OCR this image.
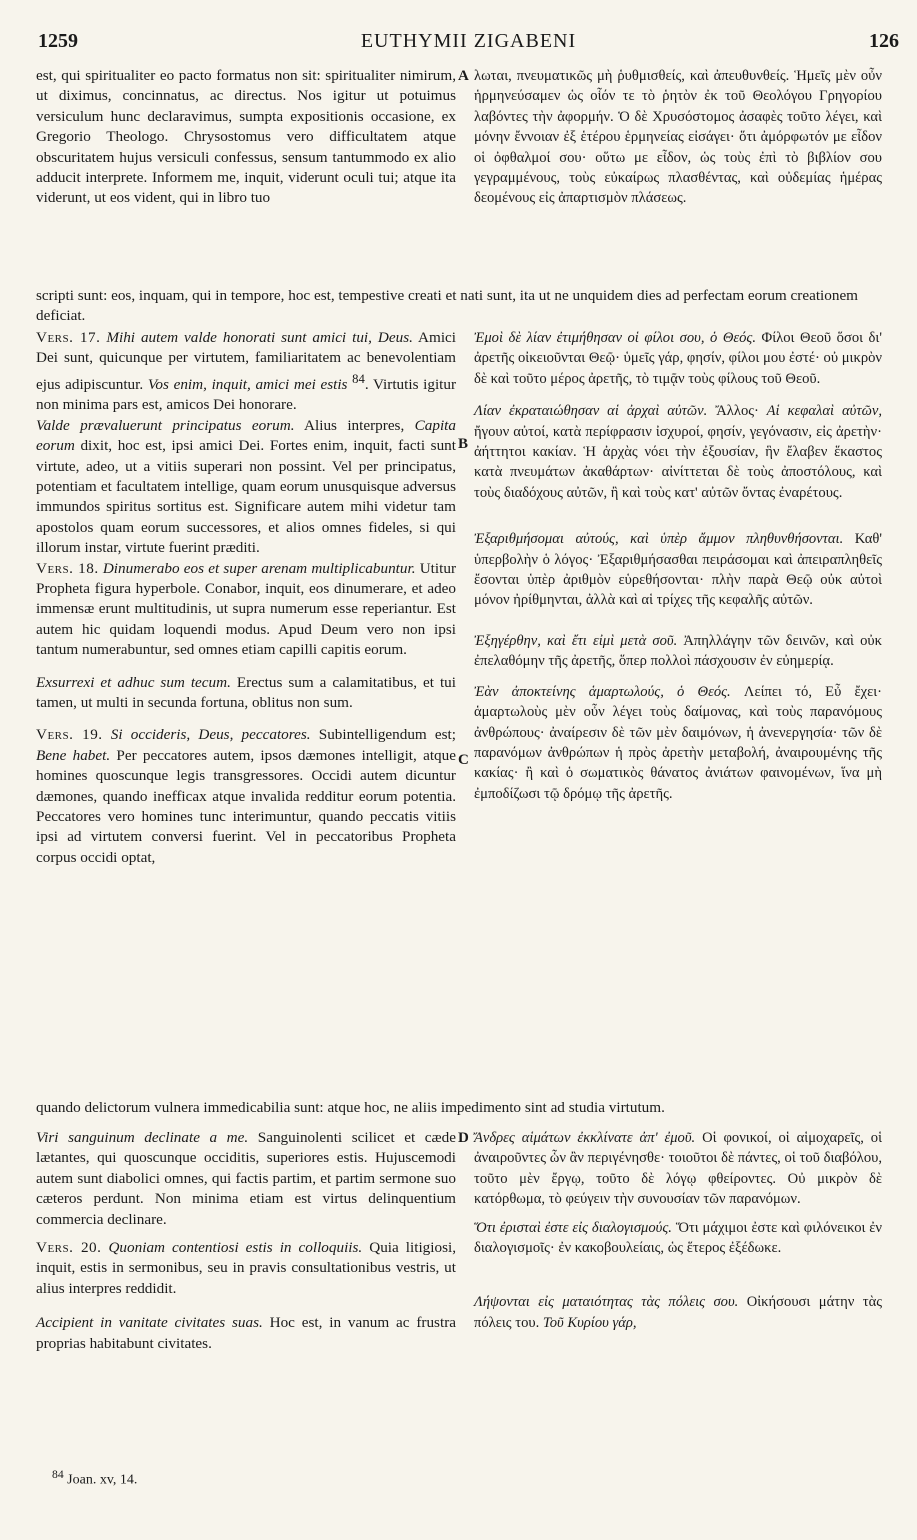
1259	EUTHYMII ZIGABENI	126

est, qui spiritualiter eo pacto formatus non sit: spiritualiter nimirum, ut diximus, concinnatus, ac directus. Nos igitur ut potuimus versiculum hunc declaravimus, sumpta expositionis occasione, ex Gregorio Theologo. Chrysostomus vero difficultatem atque obscuritatem hujus versiculi confessus, sensum tantummodo ex alio adducit interprete. Informem me, inquit, viderunt oculi tui; atque ita viderunt, ut eos vident, qui in libro tuo

λωται, πνευματικῶς μὴ ῥυθμισθείς, καὶ ἀπευθυνθείς. Ἡμεῖς μὲν οὖν ἡρμηνεύσαμεν ὡς οἷόν τε τὸ ῥητὸν ἐκ τοῦ Θεολόγου Γρηγορίου λαβόντες τὴν ἀφορμήν. Ὁ δὲ Χρυσόστομος ἀσαφὲς τοῦτο λέγει, καὶ μόνην ἔννοιαν ἐξ ἑτέρου ἑρμηνείας εἰσάγει· ὅτι ἀμόρφωτόν με εἶδον οἱ ὀφθαλμοί σου· οὕτω με εἶδον, ὡς τοὺς ἐπὶ τὸ βιβλίον σου γεγραμμένους, τοὺς εὐκαίρως πλασθέντας, καὶ οὐδεμίας ἡμέρας δεομένους εἰς ἀπαρτισμὸν πλάσεως.

A
scripti sunt: eos, inquam, qui in tempore, hoc est, tempestive creati et nati sunt, ita ut ne unquidem dies ad perfectam eorum creationem deficiat.

Vers. 17. Mihi autem valde honorati sunt amici tui, Deus. Amici Dei sunt, quicunque per virtutem, familiaritatem ac benevolentiam ejus adipiscuntur. Vos enim, inquit, amici mei estis $^{84}$. Virtutis igitur non minima pars est, amicos Dei honorare.

Valde prævaluerunt principatus eorum. Alius interpres, Capita eorum dixit, hoc est, ipsi amici Dei. Fortes enim, inquit, facti sunt virtute, adeo, ut a vitiis superari non possint. Vel per principatus, potentiam et facultatem intellige, quam eorum unusquisque adversus immundos spiritus sortitus est. Significare autem mihi videtur tam apostolos quam eorum successores, et alios omnes fideles, si qui illorum instar, virtute fuerint præditi.

Vers. 18. Dinumerabo eos et super arenam multiplicabuntur. Utitur Propheta figura hyperbole. Conabor, inquit, eos dinumerare, et adeo immensæ erunt multitudinis, ut supra numerum esse reperiantur. Est autem hic quidam loquendi modus. Apud Deum vero non ipsi tantum numerabuntur, sed omnes etiam capilli capitis eorum.

Exsurrexi et adhuc sum tecum. Erectus sum a calamitatibus, et tui tamen, ut multi in secunda fortuna, oblitus non sum.

Vers. 19. Si occideris, Deus, peccatores. Subintelligendum est; Bene habet. Per peccatores autem, ipsos dæmones intelligit, atque homines quoscunque legis transgressores. Occidi autem dicuntur dæmones, quando inefficax atque invalida redditur eorum potentia. Peccatores vero homines tunc interimuntur, quando peccatis vitiis ipsi ad virtutem conversi fuerint. Vel in peccatoribus Propheta corpus occidi optat,

Ἐμοὶ δὲ λίαν ἐτιμήθησαν οἱ φίλοι σου, ὁ Θεός. Φίλοι Θεοῦ ὅσοι δι' ἀρετῆς οἰκειοῦνται Θεῷ· ὑμεῖς γάρ, φησίν, φίλοι μου ἐστέ· οὐ μικρὸν δὲ καὶ τοῦτο μέρος ἀρετῆς, τὸ τιμᾷν τοὺς φίλους τοῦ Θεοῦ.

Λίαν ἐκραταιώθησαν αἱ ἀρχαὶ αὐτῶν. Ἄλλος· Αἱ κεφαλαὶ αὐτῶν, ἤγουν αὐτοί, κατὰ περίφρασιν ἰσχυροί, φησίν, γεγόνασιν, εἰς ἀρετὴν· ἀήττητοι κακίαν. Ἡ ἀρχὰς νόει τὴν ἐξουσίαν, ἣν ἔλαβεν ἕκαστος κατὰ πνευμάτων ἀκαθάρτων· αἰνίττεται δὲ τοὺς ἀποστόλους, καὶ τοὺς διαδόχους αὐτῶν, ἢ καὶ τοὺς κατ' αὐτῶν ὄντας ἐναρέτους.

Ἐξαριθμήσομαι αὐτούς, καὶ ὑπὲρ ἄμμον πληθυνθήσονται. Καθ' ὑπερβολὴν ὁ λόγος· Ἐξαριθμήσασθαι πειράσομαι καὶ ἀπειραπληθεῖς ἔσονται ὑπὲρ ἀριθμὸν εὑρεθήσονται· πλὴν παρὰ Θεῷ οὐκ αὐτοὶ μόνον ἠρίθμηνται, ἀλλὰ καὶ αἱ τρίχες τῆς κεφαλῆς αὐτῶν.

Ἐξηγέρθην, καὶ ἔτι εἰμὶ μετὰ σοῦ. Ἀπηλλάγην τῶν δεινῶν, καὶ οὐκ ἐπελαθόμην τῆς ἀρετῆς, ὅπερ πολλοὶ πάσχουσιν ἐν εὐημερίᾳ.

Ἐὰν ἀποκτείνης ἁμαρτωλούς, ὁ Θεός. Λείπει τό, Εὖ ἔχει· ἁμαρτωλοὺς μὲν οὖν λέγει τοὺς δαίμονας, καὶ τοὺς παρανόμους ἀνθρώπους· ἀναίρεσιν δὲ τῶν μὲν δαιμόνων, ἡ ἀνενεργησία· τῶν δὲ παρανόμων ἀνθρώπων ἡ πρὸς ἀρετὴν μεταβολή, ἀναιρουμένης τῆς κακίας· ἢ καὶ ὁ σωματικὸς θάνατος ἀνιάτων φαινομένων, ἵνα μὴ ἐμποδίζωσι τῷ δρόμῳ τῆς ἀρετῆς.

B
C
quando delictorum vulnera immedicabilia sunt: atque hoc, ne aliis impedimento sint ad studia virtutum.
D

Viri sanguinum declinate a me. Sanguinolenti scilicet et cæde lætantes, qui quoscunque occiditis, superiores estis. Hujuscemodi autem sunt diabolici omnes, qui factis partim, et partim sermone suo cæteros perdunt. Non minima etiam est virtus delinquentium commercia declinare.

Vers. 20. Quoniam contentiosi estis in colloquiis. Quia litigiosi, inquit, estis in sermonibus, seu in pravis consultationibus vestris, ut alius interpres reddidit.

Accipient in vanitate civitates suas. Hoc est, in vanum ac frustra proprias habitabunt civitates.

Ἄνδρες αἱμάτων ἐκκλίνατε ἀπ' ἐμοῦ. Οἱ φονικοί, οἱ αἱμοχαρεῖς, οἱ ἀναιροῦντες ὧν ἂν περιγένησθε· τοιοῦτοι δὲ πάντες, οἱ τοῦ διαβόλου, τοῦτο μὲν ἔργῳ, τοῦτο δὲ λόγῳ φθείροντες. Οὐ μικρὸν δὲ κατόρθωμα, τὸ φεύγειν τὴν συνουσίαν τῶν παρανόμων.

Ὅτι ἐρισταὶ ἐστε εἰς διαλογισμούς. Ὅτι μάχιμοι ἐστε καὶ φιλόνεικοι ἐν διαλογισμοῖς· ἐν κακοβουλείαις, ὡς ἕτερος ἐξέδωκε.

Λήψονται εἰς ματαιότητας τὰς πόλεις σου. Οἰκήσουσι μάτην τὰς πόλεις του. Τοῦ Κυρίου γάρ,

$^{84}$ Joan. xv, 14.
